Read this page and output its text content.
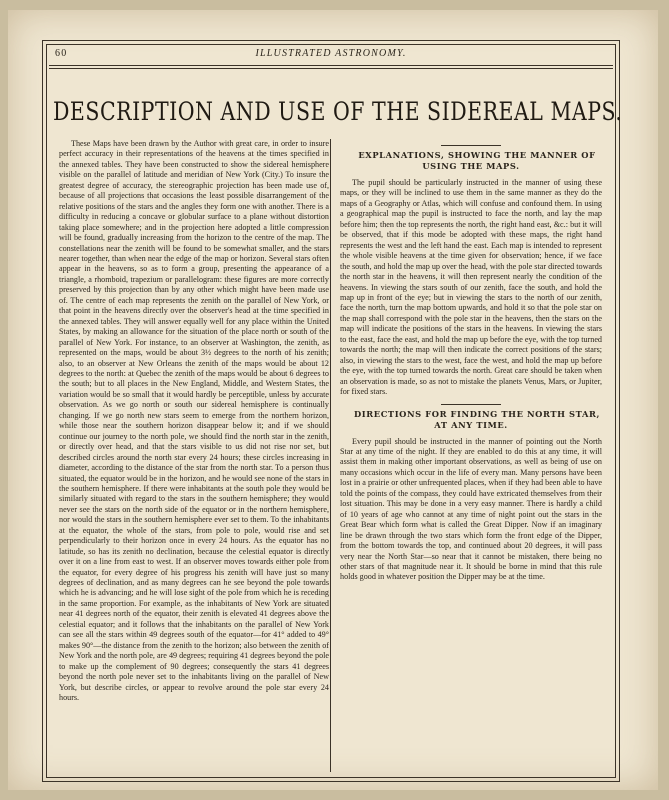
60	ILLUSTRATED ASTRONOMY.
DESCRIPTION AND USE OF THE SIDEREAL MAPS.

These Maps have been drawn by the Author with great care, in order to insure perfect accuracy in their representations of the heavens at the times specified in the annexed tables. They have been constructed to show the sidereal hemisphere visible on the parallel of latitude and meridian of New York (City.) To insure the greatest degree of accuracy, the stereographic projection has been made use of, because of all projections that occasions the least possible disarrangement of the relative positions of the stars and the angles they form one with another. There is a difficulty in reducing a concave or globular surface to a plane without distortion taking place somewhere; and in the projection here adopted a little compression will be found, gradually increasing from the horizon to the centre of the map. The constellations near the zenith will be found to be somewhat smaller, and the stars nearer together, than when near the edge of the map or horizon. Several stars often appear in the heavens, so as to form a group, presenting the appearance of a triangle, a rhomboid, trapezium or parallelogram: these figures are more correctly preserved by this projection than by any other which might have been made use of. The centre of each map represents the zenith on the parallel of New York, or that point in the heavens directly over the observer's head at the time specified in the annexed tables. They will answer equally well for any place within the United States, by making an allowance for the situation of the place north or south of the parallel of New York. For instance, to an observer at Washington, the zenith, as represented on the maps, would be about 3½ degrees to the north of his zenith; also, to an observer at New Orleans the zenith of the maps would be about 12 degrees to the north: at Quebec the zenith of the maps would be about 6 degrees to the south; but to all places in the New England, Middle, and Western States, the variation would be so small that it would hardly be perceptible, unless by accurate observation. As we go north or south our sidereal hemisphere is continually changing. If we go north new stars seem to emerge from the northern horizon, while those near the southern horizon disappear below it; and if we should continue our journey to the north pole, we should find the north star in the zenith, or directly over head, and that the stars visible to us did not rise nor set, but described circles around the north star every 24 hours; these circles increasing in diameter, according to the distance of the star from the north star. To a person thus situated, the equator would be in the horizon, and he would see none of the stars in the southern hemisphere. If there were inhabitants at the south pole they would be similarly situated with regard to the stars in the southern hemisphere; they would never see the stars on the north side of the equator or in the northern hemisphere, nor would the stars in the southern hemisphere ever set to them. To the inhabitants at the equator, the whole of the stars, from pole to pole, would rise and set perpendicularly to their horizon once in every 24 hours. As the equator has no latitude, so has its zenith no declination, because the celestial equator is directly over it on a line from east to west. If an observer moves towards either pole from the equator, for every degree of his progress his zenith will have just so many degrees of declination, and as many degrees can he see beyond the pole towards which he is advancing; and he will lose sight of the pole from which he is receding in the same proportion. For example, as the inhabitants of New York are situated near 41 degrees north of the equator, their zenith is elevated 41 degrees above the celestial equator; and it follows that the inhabitants on the parallel of New York can see all the stars within 49 degrees south of the equator—for 41° added to 49° makes 90°—the distance from the zenith to the horizon; also between the zenith of New York and the north pole, are 49 degrees; requiring 41 degrees beyond the pole to make up the complement of 90 degrees; consequently the stars 41 degrees beyond the north pole never set to the inhabitants living on the parallel of New York, but describe circles, or appear to revolve around the pole star every 24 hours.

EXPLANATIONS, SHOWING THE MANNER OF USING THE MAPS.

The pupil should be particularly instructed in the manner of using these maps, or they will be inclined to use them in the same manner as they do the maps of a Geography or Atlas, which will confuse and confound them. In using a geographical map the pupil is instructed to face the north, and lay the map before him; then the top represents the north, the right hand east, &c.: but it will be observed, that if this mode be adopted with these maps, the right hand represents the west and the left hand the east. Each map is intended to represent the whole visible heavens at the time given for observation; hence, if we face the south, and hold the map up over the head, with the pole star directed towards the north star in the heavens, it will then represent nearly the condition of the heavens. In viewing the stars south of our zenith, face the south, and hold the map up in front of the eye; but in viewing the stars to the north of our zenith, face the north, turn the map bottom upwards, and hold it so that the pole star on the map shall correspond with the pole star in the heavens, then the stars on the map will indicate the positions of the stars in the heavens. In viewing the stars to the east, face the east, and hold the map up before the eye, with the top turned towards the north; the map will then indicate the correct positions of the stars; also, in viewing the stars to the west, face the west, and hold the map up before the eye, with the top turned towards the north. Great care should be taken when an observation is made, so as not to mistake the planets Venus, Mars, or Jupiter, for fixed stars.

DIRECTIONS FOR FINDING THE NORTH STAR, AT ANY TIME.

Every pupil should be instructed in the manner of pointing out the North Star at any time of the night. If they are enabled to do this at any time, it will assist them in making other important observations, as well as being of use on many occasions which occur in the life of every man. Many persons have been lost in a prairie or other unfrequented places, when if they had been able to have told the points of the compass, they could have extricated themselves from their lost situation. This may be done in a very easy manner. There is hardly a child of 10 years of age who cannot at any time of night point out the stars in the Great Bear which form what is called the Great Dipper. Now if an imaginary line be drawn through the two stars which form the front edge of the Dipper, from the bottom towards the top, and continued about 20 degrees, it will pass very near the North Star—so near that it cannot be mistaken, there being no other stars of that magnitude near it. It should be borne in mind that this rule holds good in whatever position the Dipper may be at the time.
